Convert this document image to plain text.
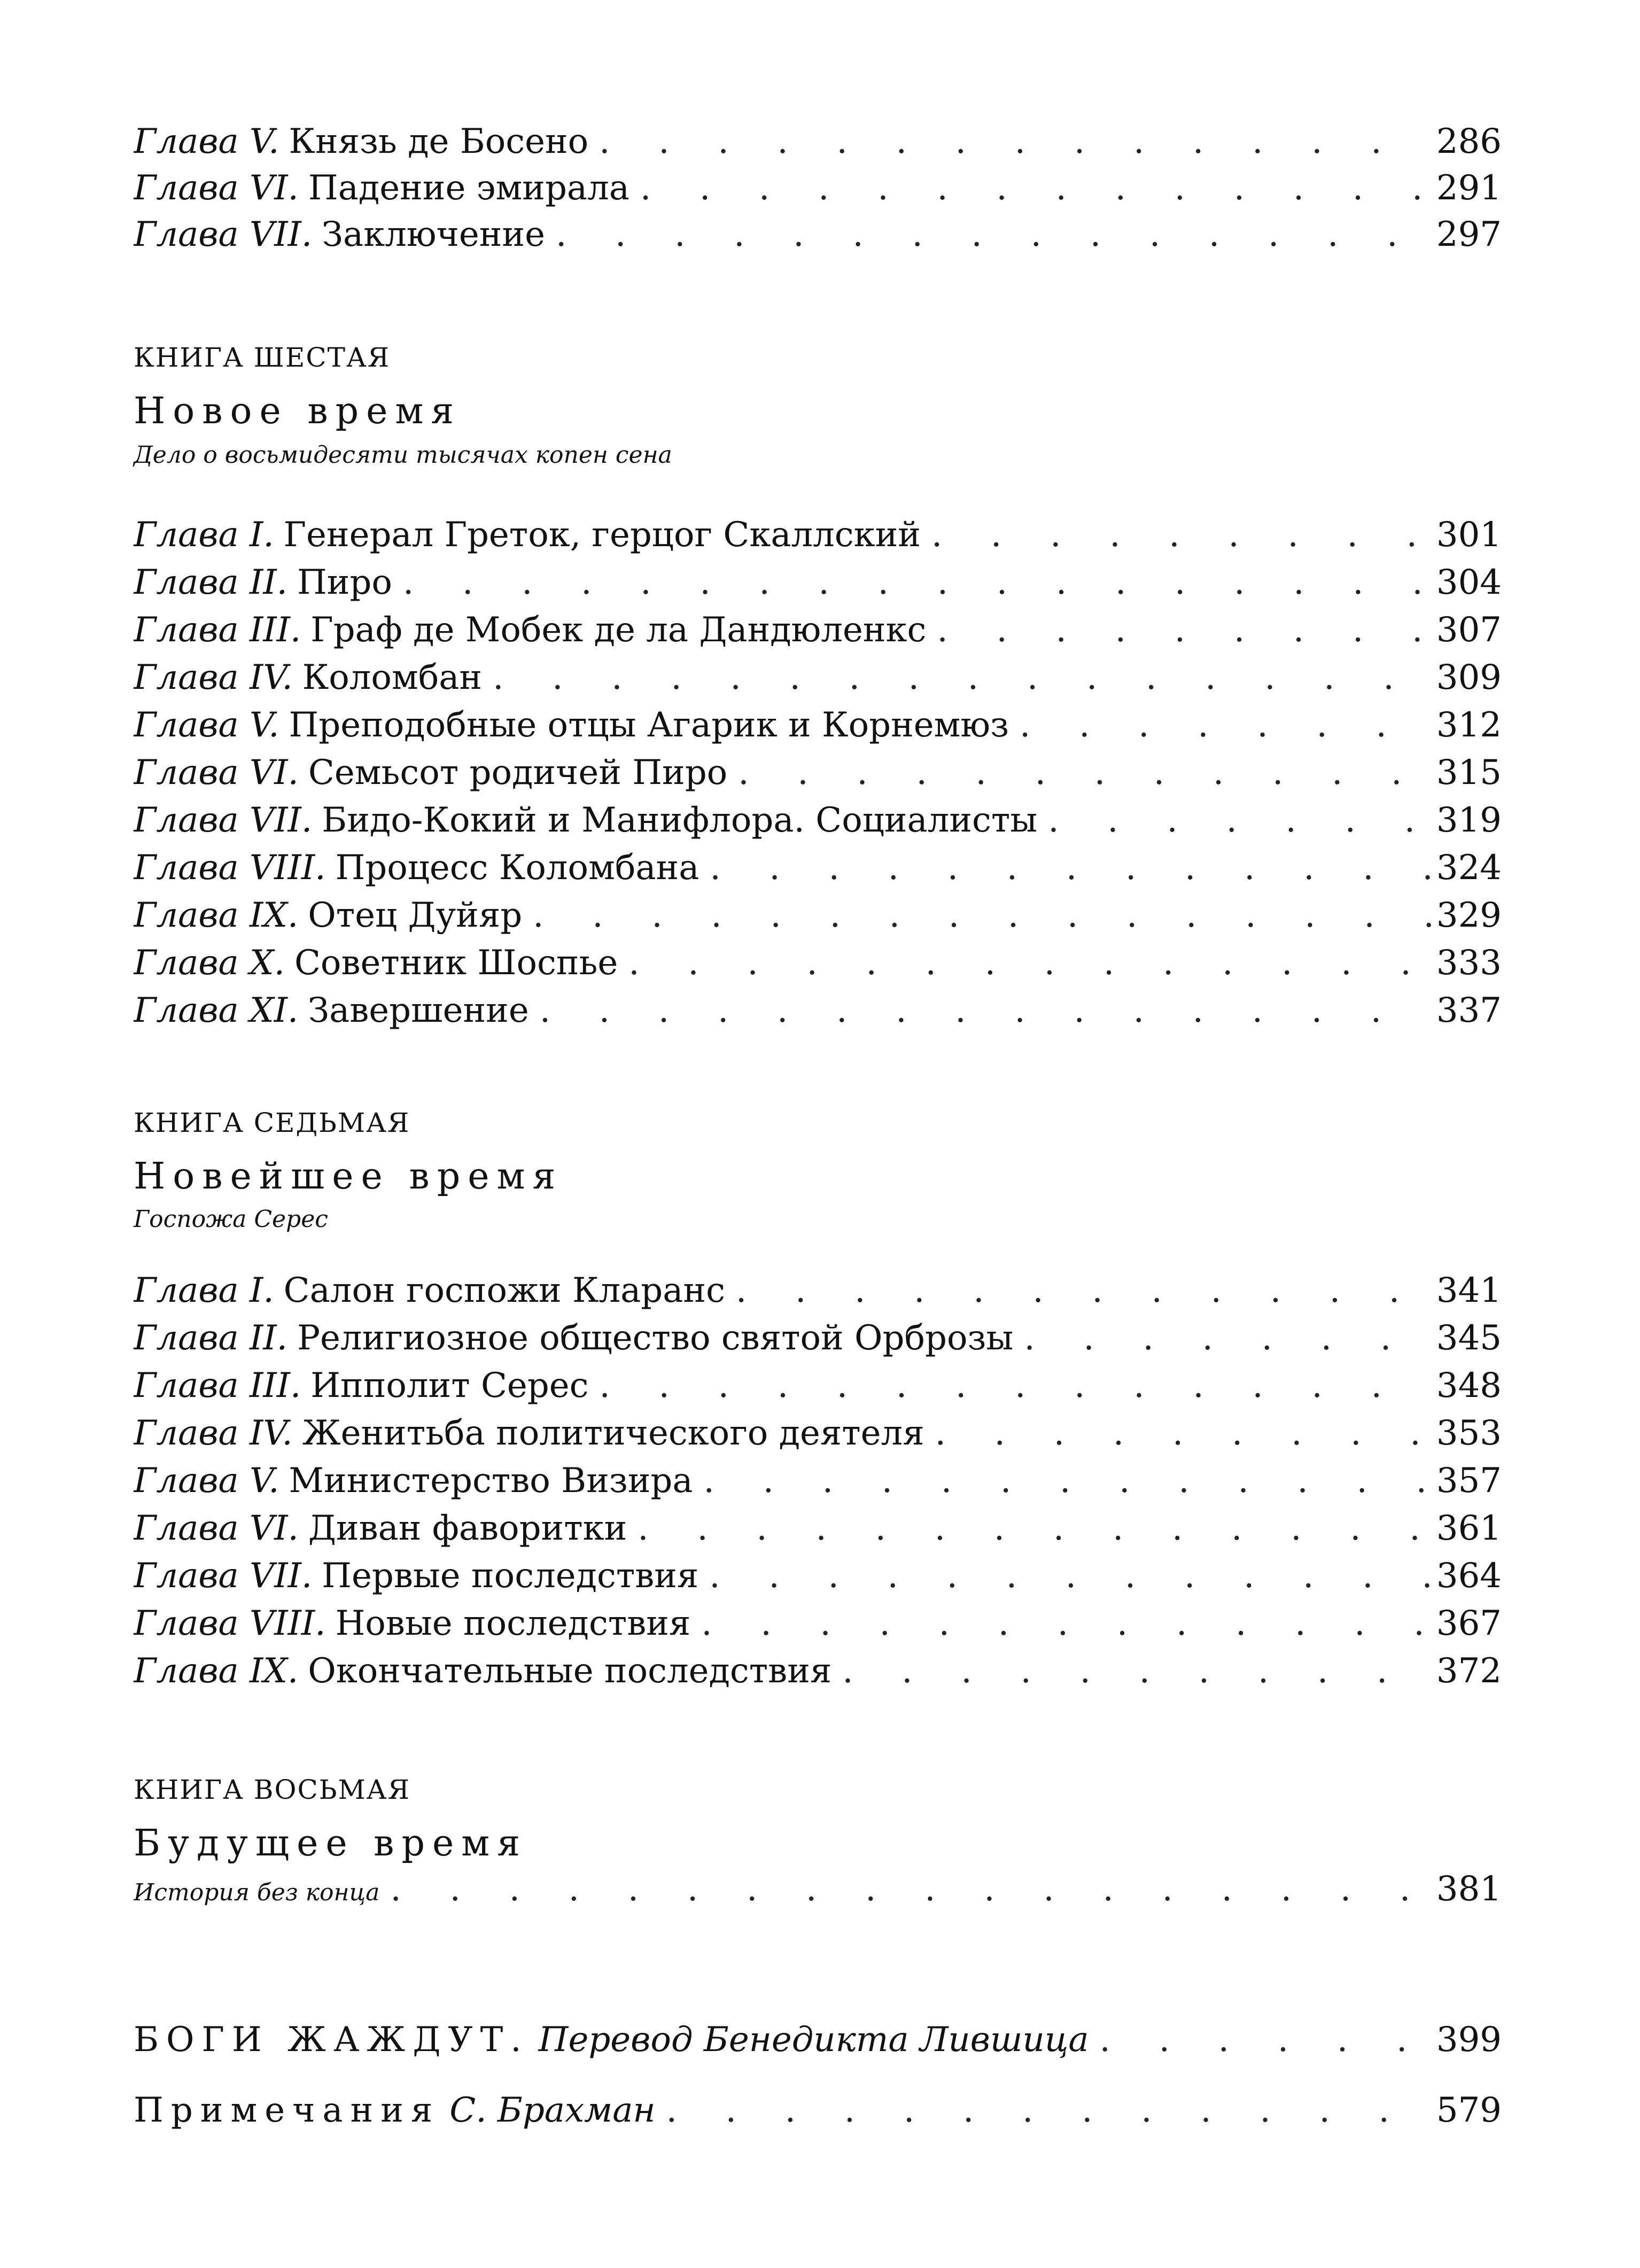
Глава V. Князь де Босено . . .	286
Глава VI. Падение эмирала . . .	291
Глава VII. Заключение . . .	297
КНИГА ШЕСТАЯ
Новое время
Дело о восьмидесяти тысячах копен сена
Глава I. Генерал Греток, герцог Скаллский . . .	301
Глава II. Пиро . . .	304
Глава III. Граф де Мобек де ла Дандюленкс . . .	307
Глава IV. Коломбан . . .	309
Глава V. Преподобные отцы Агарик и Корнемюз . . .	312
Глава VI. Семьсот родичей Пиро . . .	315
Глава VII. Бидо-Кокий и Манифлора. Социалисты . . .	319
Глава VIII. Процесс Коломбана . . .	324
Глава IX. Отец Дуйяр . . .	329
Глава X. Советник Шоспье . . .	333
Глава XI. Завершение . . .	337
КНИГА СЕДЬМАЯ
Новейшее время
Госпожа Серес
Глава I. Салон госпожи Кларанс . . .	341
Глава II. Религиозное общество святой Орброзы . . .	345
Глава III. Ипполит Серес . . .	348
Глава IV. Женитьба политического деятеля . . .	353
Глава V. Министерство Визира . . .	357
Глава VI. Диван фаворитки . . .	361
Глава VII. Первые последствия . . .	364
Глава VIII. Новые последствия . . .	367
Глава IX. Окончательные последствия . . .	372
КНИГА ВОСЬМАЯ
Будущее время
История без конца . . .	381
БОГИ ЖАЖДУТ. Перевод Бенедикта Лившица . . .	399
Примечания С. Брахман . . .	579
